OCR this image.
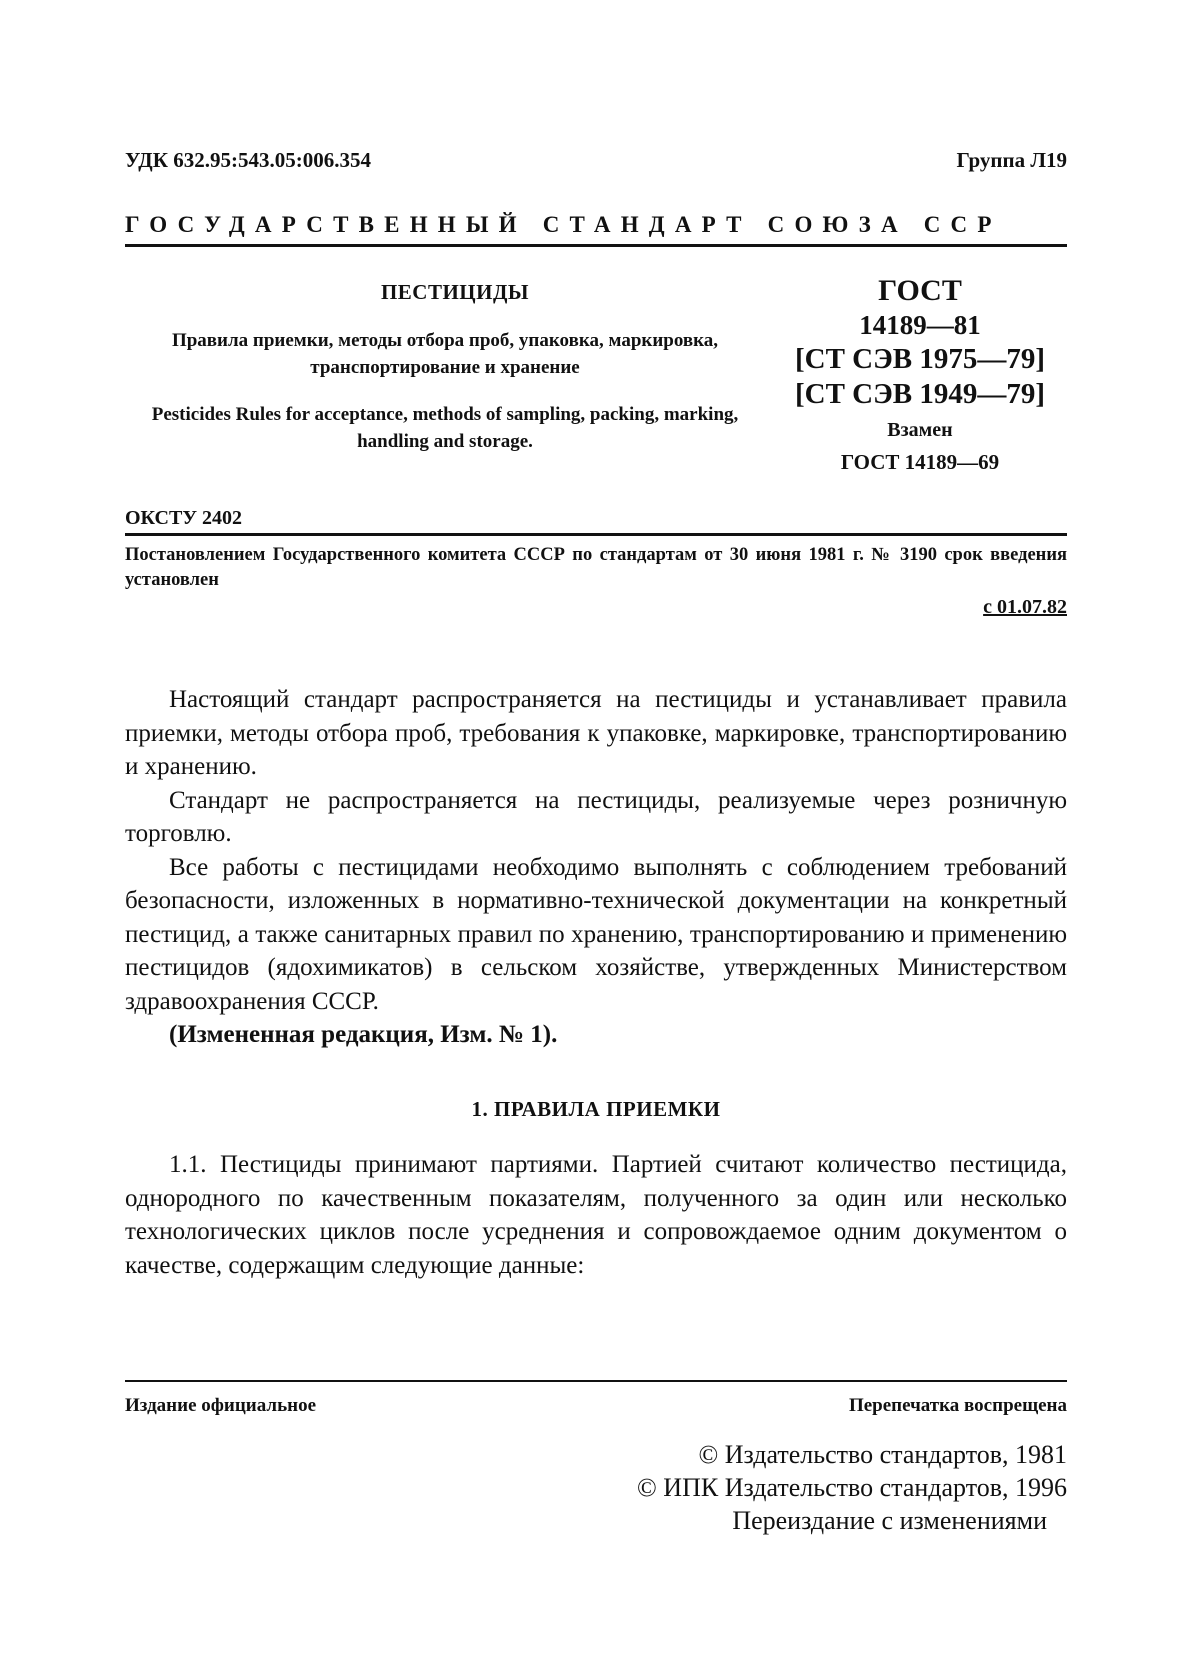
УДК 632.95:543.05:006.354	Группа Л19
ГОСУДАРСТВЕННЫЙ СТАНДАРТ СОЮЗА ССР
ПЕСТИЦИДЫ
Правила приемки, методы отбора проб, упаковка, маркировка, транспортирование и хранение
Pesticides Rules for acceptance, methods of sampling, packing, marking, handling and storage.
ГОСТ
14189—81
[СТ СЭВ 1975—79]
[СТ СЭВ 1949—79]
Взамен
ГОСТ 14189—69
ОКСТУ 2402
Постановлением Государственного комитета СССР по стандартам от 30 июня 1981 г. № 3190 срок введения установлен
с 01.07.82

Настоящий стандарт распространяется на пестициды и устанавливает правила приемки, методы отбора проб, требования к упаковке, маркировке, транспортированию и хранению.

Стандарт не распространяется на пестициды, реализуемые через розничную торговлю.

Все работы с пестицидами необходимо выполнять с соблюдением требований безопасности, изложенных в нормативно-технической документации на конкретный пестицид, а также санитарных правил по хранению, транспортированию и применению пестицидов (ядохимикатов) в сельском хозяйстве, утвержденных Министерством здравоохранения СССР.

(Измененная редакция, Изм. № 1).

1. ПРАВИЛА ПРИЕМКИ

1.1. Пестициды принимают партиями. Партией считают количество пестицида, однородного по качественным показателям, полученного за один или несколько технологических циклов после усреднения и сопровождаемое одним документом о качестве, содержащим следующие данные:

Издание официальное	Перепечатка воспрещена
© Издательство стандартов, 1981
© ИПК Издательство стандартов, 1996
Переиздание с изменениями
